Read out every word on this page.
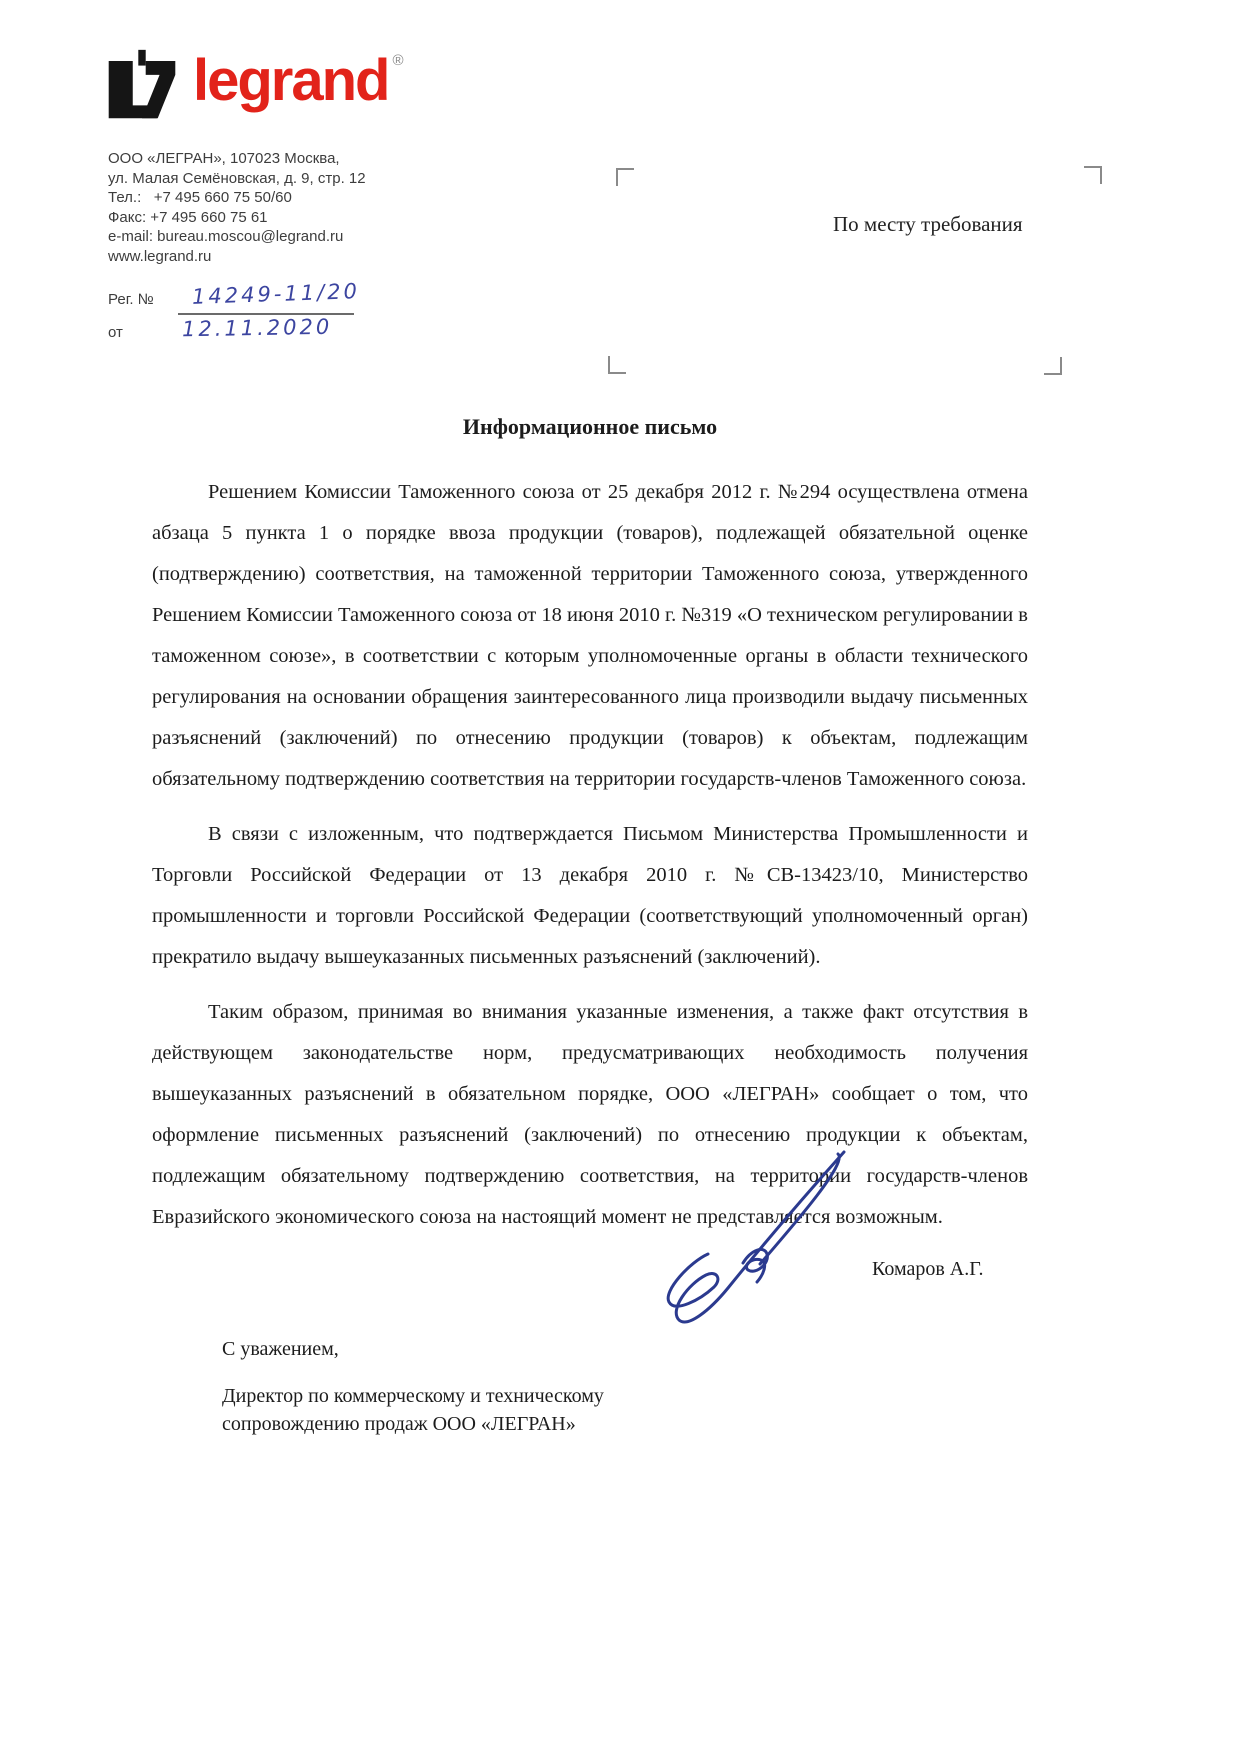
legrand ®
ООО «ЛЕГРАН», 107023 Москва,
ул. Малая Семёновская, д. 9, стр. 12
Тел.:   +7 495 660 75 50/60
Факс: +7 495 660 75 61
e-mail: bureau.moscou@legrand.ru
www.legrand.ru
Рег. № 14249-11/20
от	12.11.2020
По месту требования
Информационное письмо

Решением Комиссии Таможенного союза от 25 декабря 2012 г. №294 осуществлена отмена абзаца 5 пункта 1 о порядке ввоза продукции (товаров), подлежащей обязательной оценке (подтверждению) соответствия, на таможенной территории Таможенного союза, утвержденного Решением Комиссии Таможенного союза от 18 июня 2010 г. №319 «О техническом регулировании в таможенном союзе», в соответствии с которым уполномоченные органы в области технического регулирования на основании обращения заинтересованного лица производили выдачу письменных разъяснений (заключений) по отнесению продукции (товаров) к объектам, подлежащим обязательному подтверждению соответствия на территории государств-членов Таможенного союза.

В связи с изложенным, что подтверждается Письмом Министерства Промышленности и Торговли Российской Федерации от 13 декабря 2010 г. №СВ-13423/10, Министерство промышленности и торговли Российской Федерации (соответствующий уполномоченный орган) прекратило выдачу вышеуказанных письменных разъяснений (заключений).

Таким образом, принимая во внимания указанные изменения, а также факт отсутствия в действующем законодательстве норм, предусматривающих необходимость получения вышеуказанных разъяснений в обязательном порядке, ООО «ЛЕГРАН» сообщает о том, что оформление письменных разъяснений (заключений) по отнесению продукции к объектам, подлежащим обязательному подтверждению соответствия, на территории государств-членов Евразийского экономического союза на настоящий момент не представляется возможным.

С уважением,
Директор по коммерческому и техническому
сопровождению продаж ООО «ЛЕГРАН»
Комаров А.Г.
